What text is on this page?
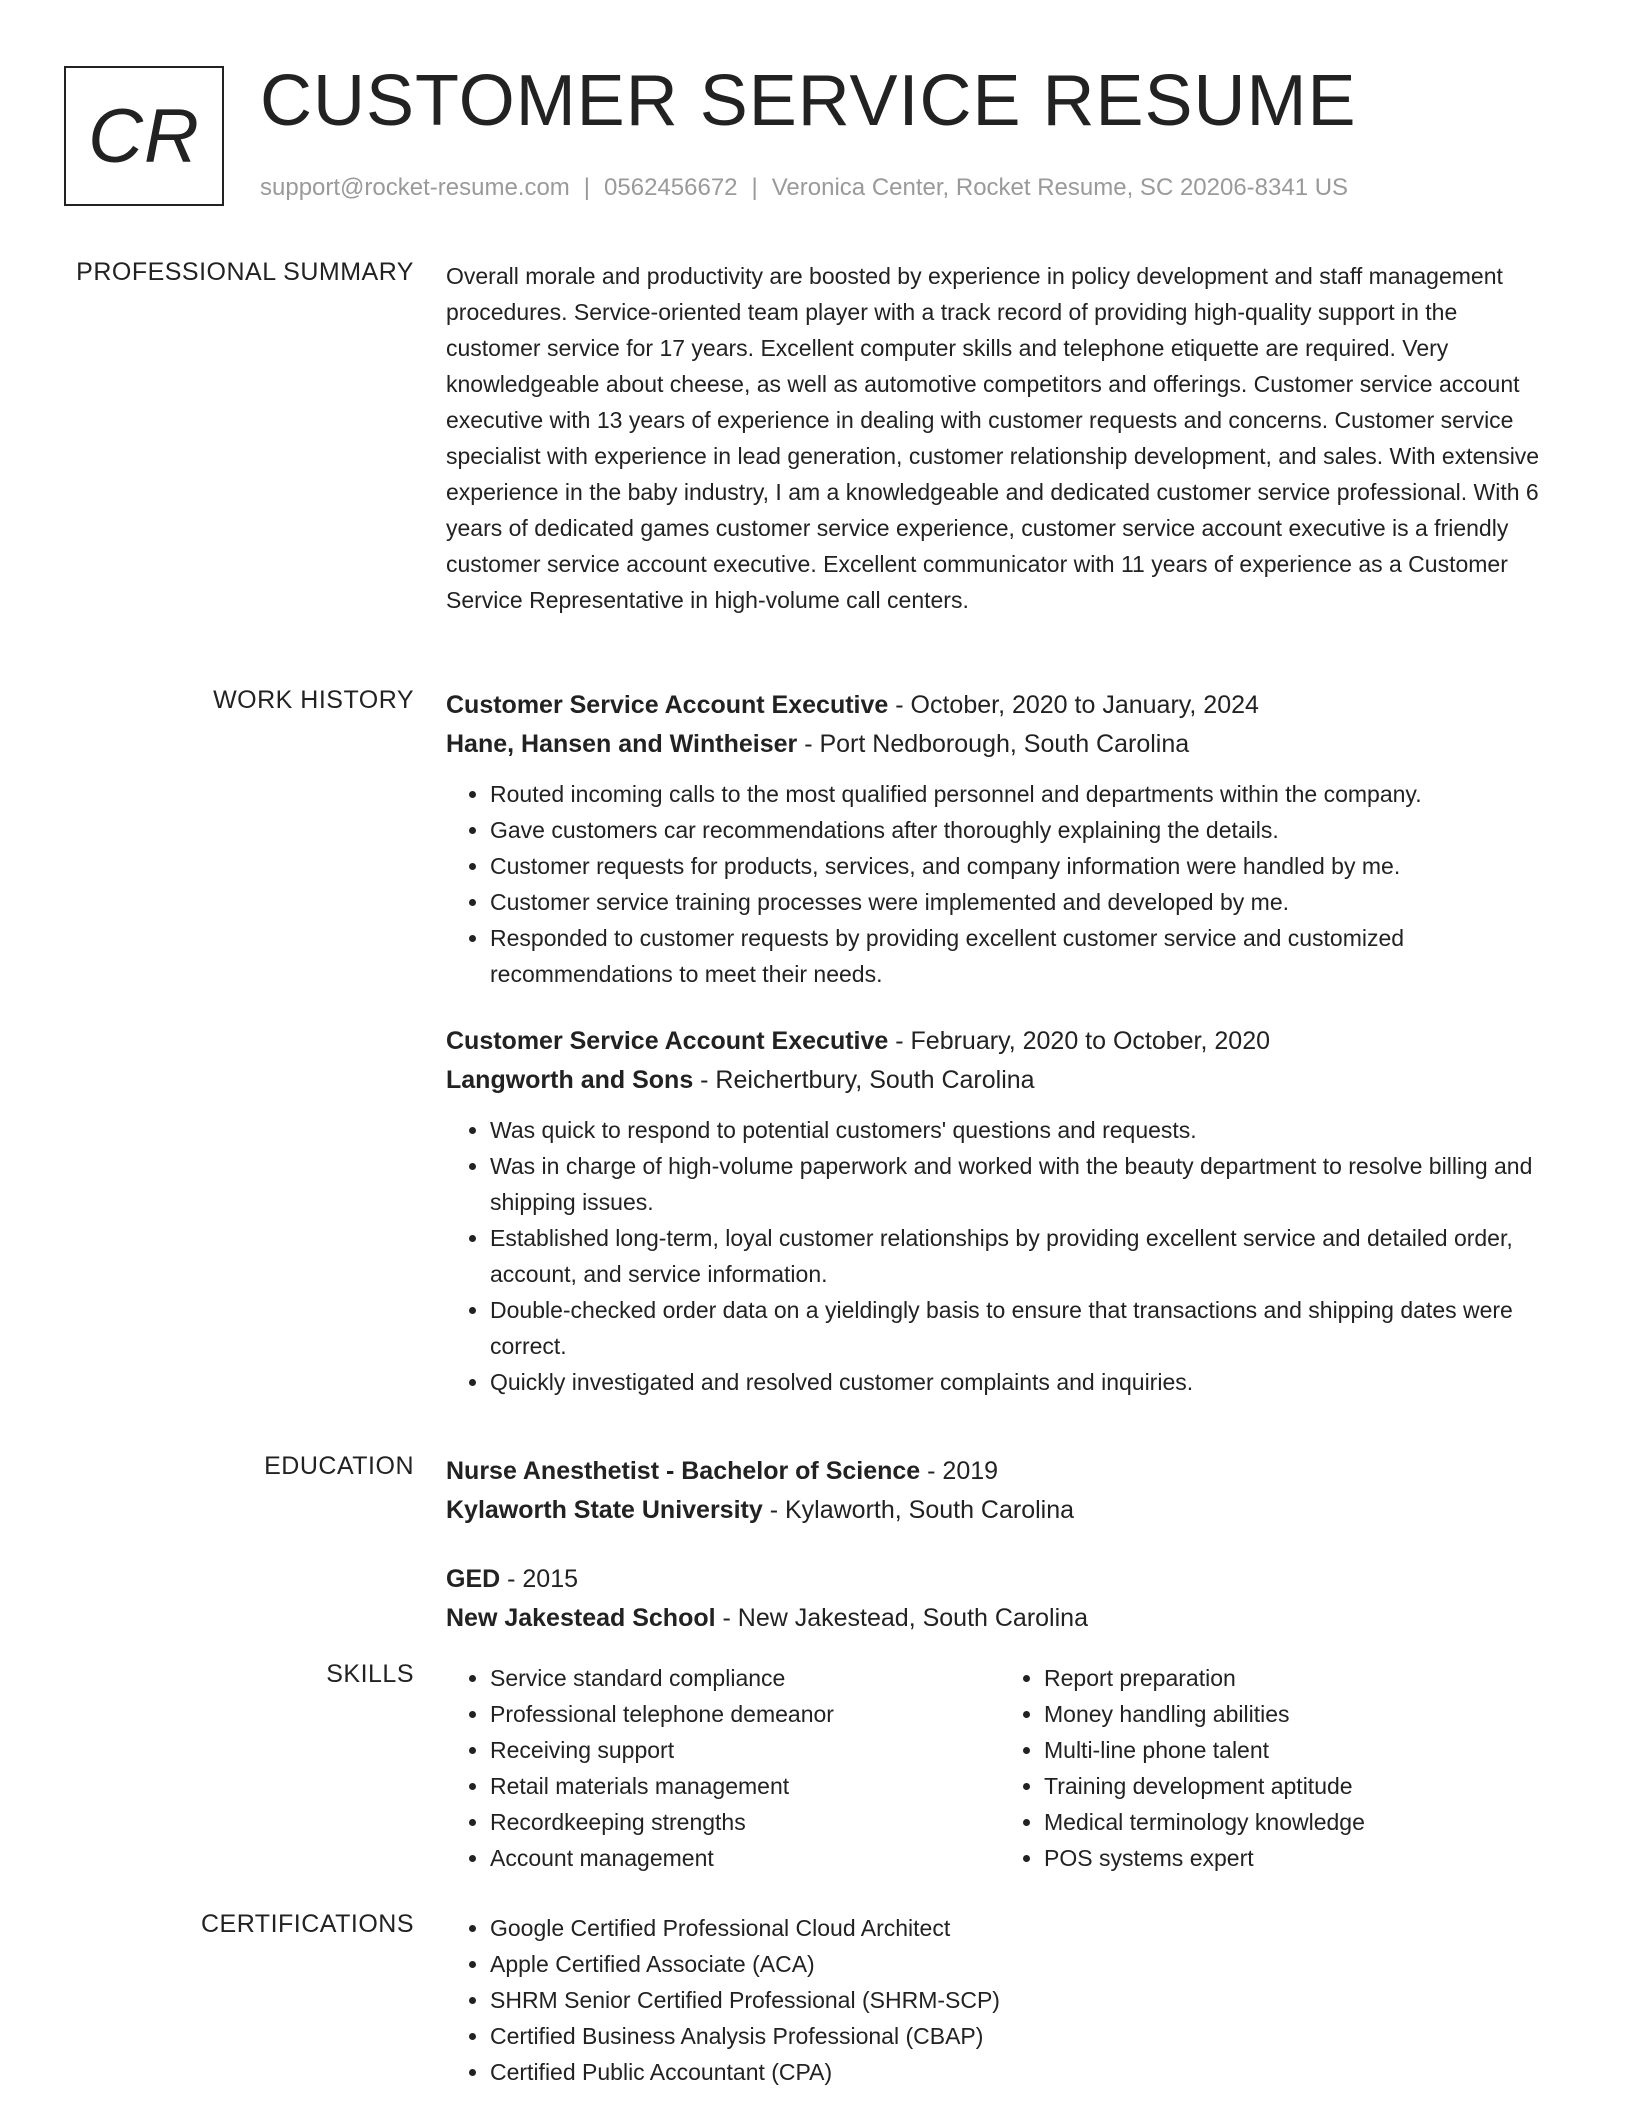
CR CUSTOMER SERVICE RESUME
support@rocket-resume.com | 0562456672 | Veronica Center, Rocket Resume, SC 20206-8341 US
PROFESSIONAL SUMMARY Overall morale and productivity are boosted by experience in policy development and staff management procedures. Service-oriented team player with a track record of providing high-quality support in the customer service for 17 years. Excellent computer skills and telephone etiquette are required. Very knowledgeable about cheese, as well as automotive competitors and offerings. Customer service account executive with 13 years of experience in dealing with customer requests and concerns. Customer service specialist with experience in lead generation, customer relationship development, and sales. With extensive experience in the baby industry, I am a knowledgeable and dedicated customer service professional. With 6 years of dedicated games customer service experience, customer service account executive is a friendly customer service account executive. Excellent communicator with 11 years of experience as a Customer Service Representative in high-volume call centers.

WORK HISTORY Customer Service Account Executive - October, 2020 to January, 2024
Hane, Hansen and Wintheiser - Port Nedborough, South Carolina
• Routed incoming calls to the most qualified personnel and departments within the company.
• Gave customers car recommendations after thoroughly explaining the details.
• Customer requests for products, services, and company information were handled by me.
• Customer service training processes were implemented and developed by me.
• Responded to customer requests by providing excellent customer service and customized recommendations to meet their needs.
Customer Service Account Executive - February, 2020 to October, 2020
Langworth and Sons - Reichertbury, South Carolina
• Was quick to respond to potential customers' questions and requests.
• Was in charge of high-volume paperwork and worked with the beauty department to resolve billing and shipping issues.
• Established long-term, loyal customer relationships by providing excellent service and detailed order, account, and service information.
• Double-checked order data on a yieldingly basis to ensure that transactions and shipping dates were correct.
• Quickly investigated and resolved customer complaints and inquiries.
EDUCATION Nurse Anesthetist - Bachelor of Science - 2019
Kylaworth State University - Kylaworth, South Carolina
GED - 2015
New Jakestead School - New Jakestead, South Carolina
SKILLS	• Service standard compliance
• Professional telephone demeanor
• Receiving support
• Retail materials management
• Recordkeeping strengths
• Account management
• Report preparation
• Money handling abilities
• Multi-line phone talent
• Training development aptitude
• Medical terminology knowledge
• POS systems expert
CERTIFICATIONS	• Google Certified Professional Cloud Architect
• Apple Certified Associate (ACA)
• SHRM Senior Certified Professional (SHRM-SCP)
• Certified Business Analysis Professional (CBAP)
• Certified Public Accountant (CPA)
